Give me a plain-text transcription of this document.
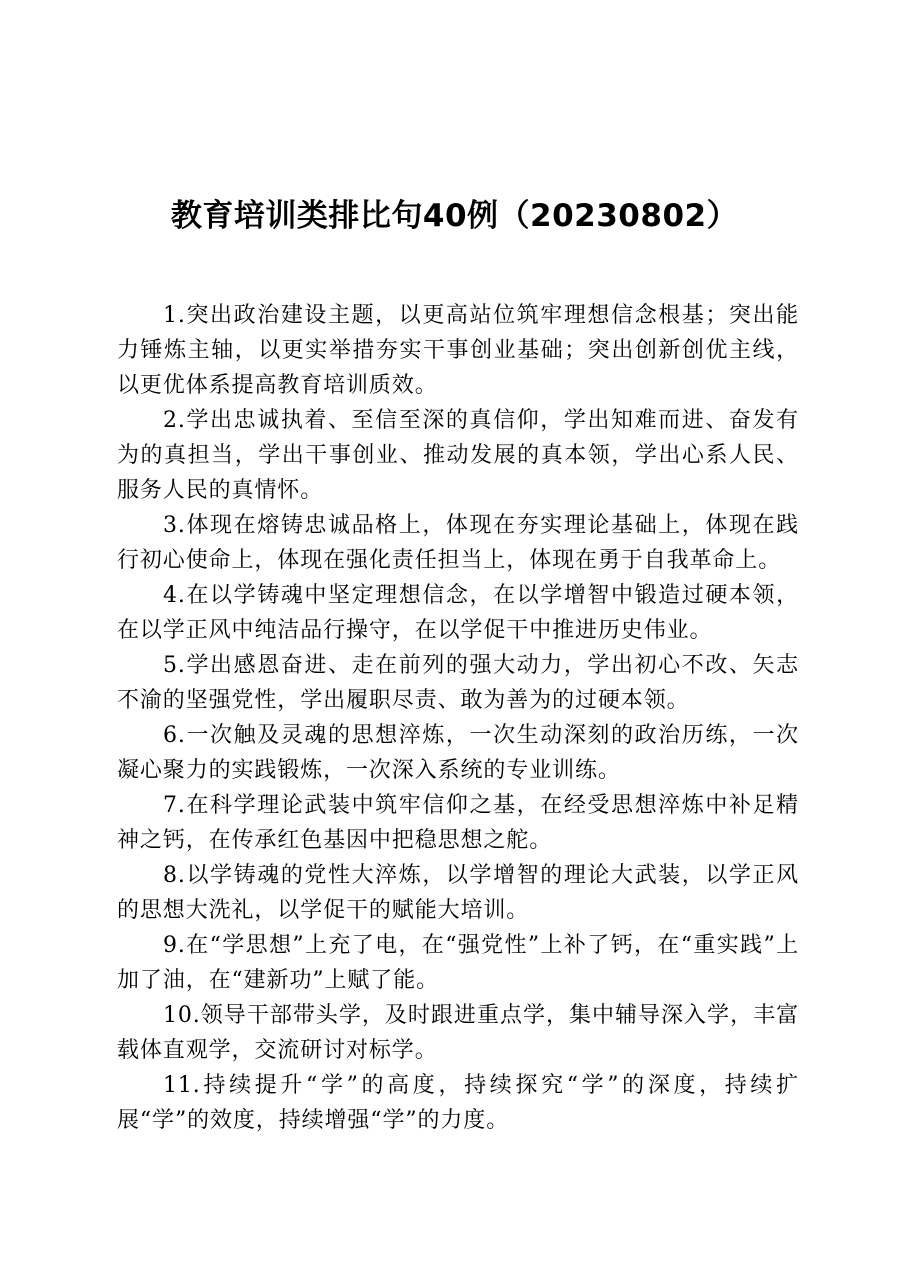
教育培训类排比句40例（20230802）

1.突出政治建设主题，以更高站位筑牢理想信念根基；突出能力锤炼主轴，以更实举措夯实干事创业基础；突出创新创优主线，以更优体系提高教育培训质效。

2.学出忠诚执着、至信至深的真信仰，学出知难而进、奋发有为的真担当，学出干事创业、推动发展的真本领，学出心系人民、服务人民的真情怀。

3.体现在熔铸忠诚品格上，体现在夯实理论基础上，体现在践行初心使命上，体现在强化责任担当上，体现在勇于自我革命上。

4.在以学铸魂中坚定理想信念，在以学增智中锻造过硬本领，在以学正风中纯洁品行操守，在以学促干中推进历史伟业。

5.学出感恩奋进、走在前列的强大动力，学出初心不改、矢志不渝的坚强党性，学出履职尽责、敢为善为的过硬本领。

6.一次触及灵魂的思想淬炼，一次生动深刻的政治历练，一次凝心聚力的实践锻炼，一次深入系统的专业训练。

7.在科学理论武装中筑牢信仰之基，在经受思想淬炼中补足精神之钙，在传承红色基因中把稳思想之舵。

8.以学铸魂的党性大淬炼，以学增智的理论大武装，以学正风的思想大洗礼，以学促干的赋能大培训。

9.在“学思想”上充了电，在“强党性”上补了钙，在“重实践”上加了油，在“建新功”上赋了能。

10.领导干部带头学，及时跟进重点学，集中辅导深入学，丰富载体直观学，交流研讨对标学。

11.持续提升“学”的高度，持续探究“学”的深度，持续扩展“学”的效度，持续增强“学”的力度。
